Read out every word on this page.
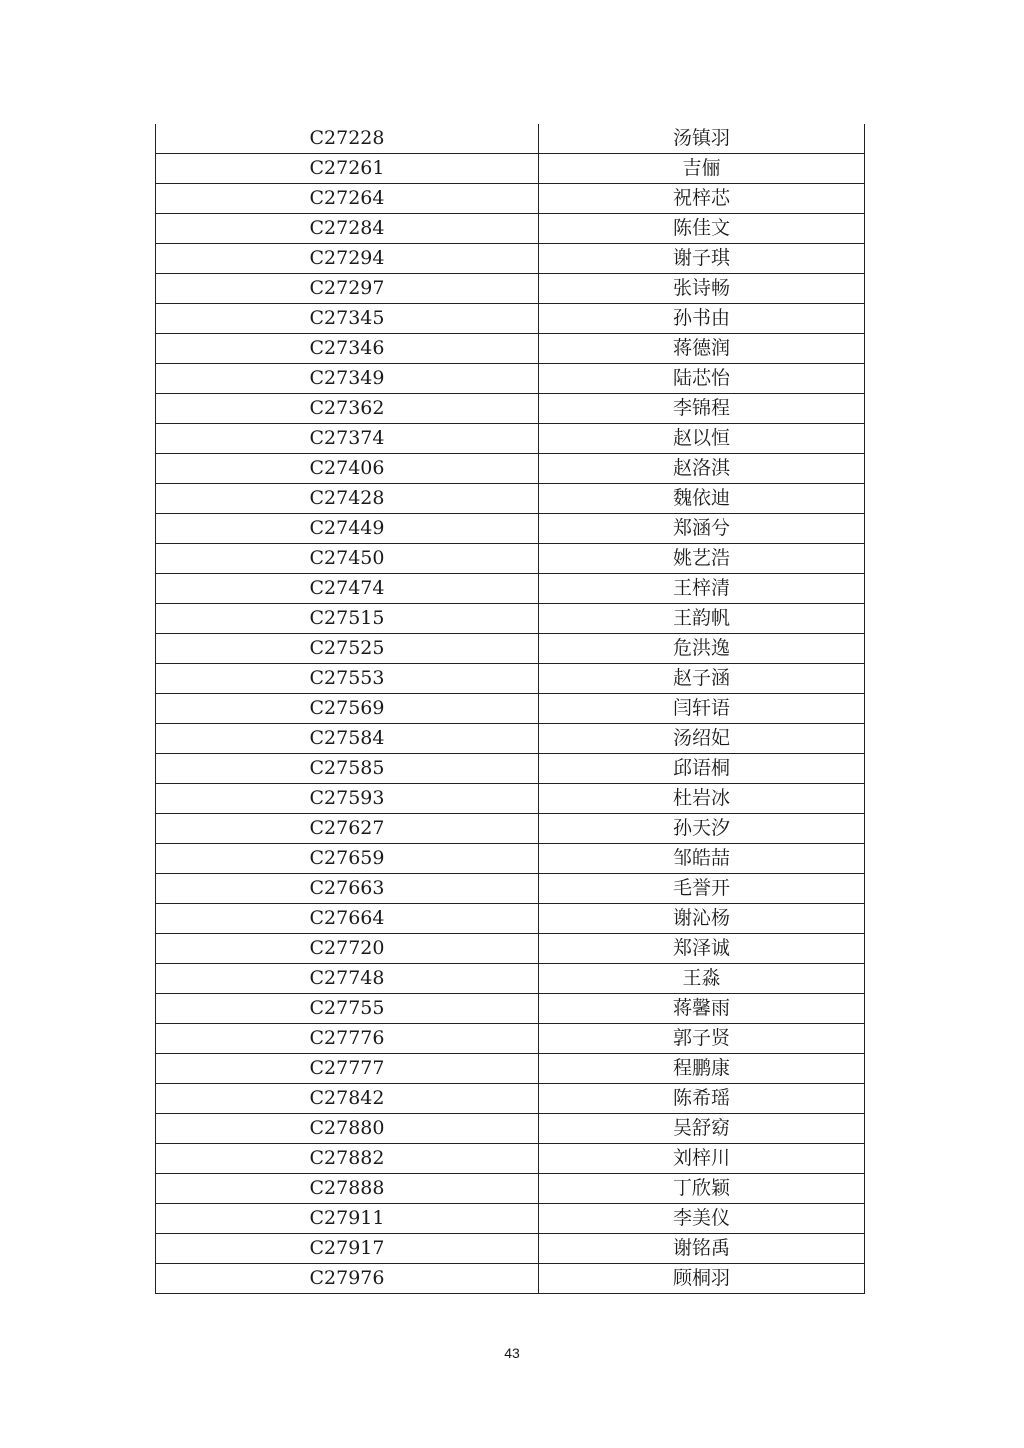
C27228	汤镇羽
C27261	吉俪
C27264	祝梓芯
C27284	陈佳文
C27294	谢子琪
C27297	张诗畅
C27345	孙书由
C27346	蒋德润
C27349	陆芯怡
C27362	李锦程
C27374	赵以恒
C27406	赵洛淇
C27428	魏依迪
C27449	郑涵兮
C27450	姚艺浩
C27474	王梓清
C27515	王韵帆
C27525	危洪逸
C27553	赵子涵
C27569	闫轩语
C27584	汤绍妃
C27585	邱语桐
C27593	杜岩冰
C27627	孙天汐
C27659	邹皓喆
C27663	毛誉开
C27664	谢沁杨
C27720	郑泽诚
C27748	王淼
C27755	蒋馨雨
C27776	郭子贤
C27777	程鹏康
C27842	陈希瑶
C27880	吴舒窈
C27882	刘梓川
C27888	丁欣颖
C27911	李美仪
C27917	谢铭禹
C27976	顾桐羽
43
